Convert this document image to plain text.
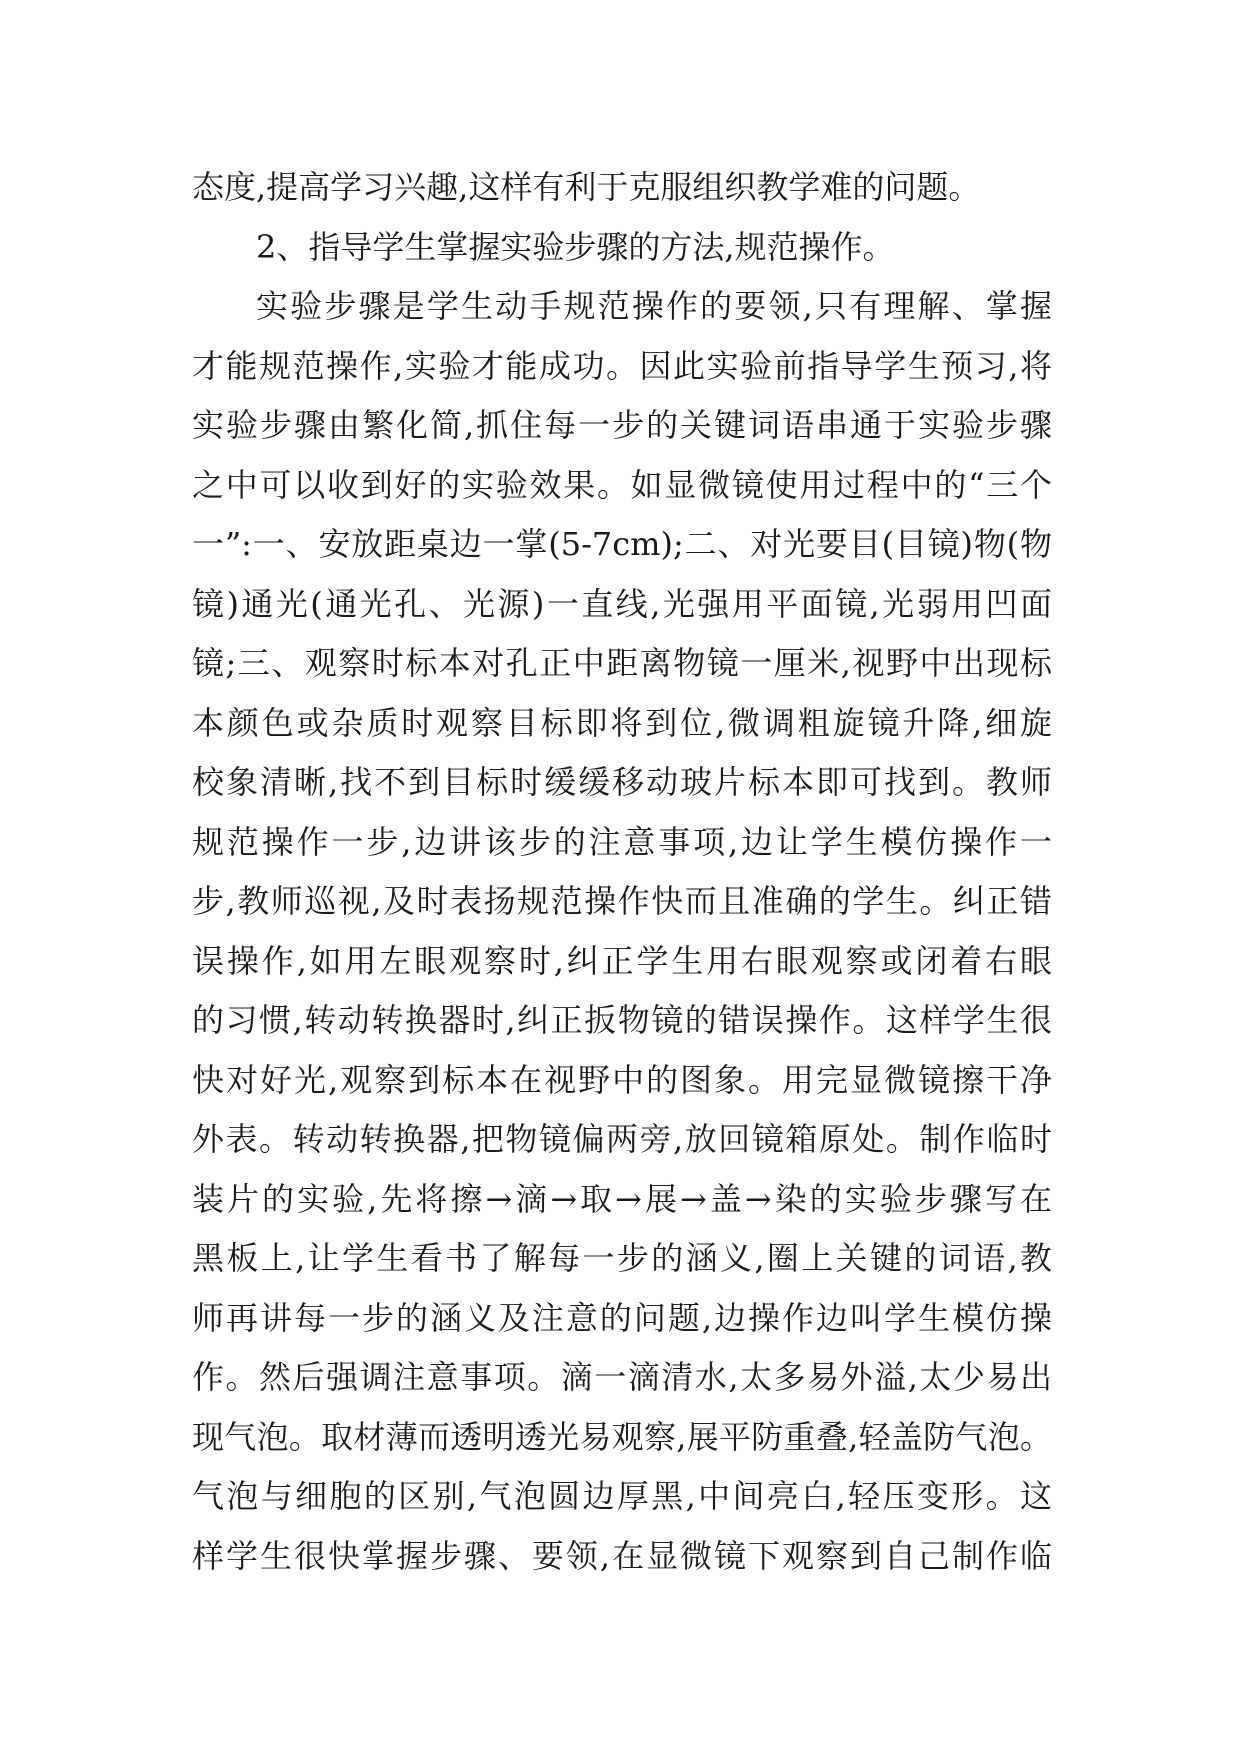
态度,提高学习兴趣,这样有利于克服组织教学难的问题。
2、指导学生掌握实验步骤的方法,规范操作。
实验步骤是学生动手规范操作的要领,只有理解、掌握
才能规范操作,实验才能成功。因此实验前指导学生预习,将
实验步骤由繁化简,抓住每一步的关键词语串通于实验步骤
之中可以收到好的实验效果。如显微镜使用过程中的“三个
一”:一、安放距桌边一掌(5-7cm);二、对光要目(目镜)物(物
镜)通光(通光孔、光源)一直线,光强用平面镜,光弱用凹面
镜;三、观察时标本对孔正中距离物镜一厘米,视野中出现标
本颜色或杂质时观察目标即将到位,微调粗旋镜升降,细旋
校象清晰,找不到目标时缓缓移动玻片标本即可找到。教师
规范操作一步,边讲该步的注意事项,边让学生模仿操作一
步,教师巡视,及时表扬规范操作快而且准确的学生。纠正错
误操作,如用左眼观察时,纠正学生用右眼观察或闭着右眼
的习惯,转动转换器时,纠正扳物镜的错误操作。这样学生很
快对好光,观察到标本在视野中的图象。用完显微镜擦干净
外表。转动转换器,把物镜偏两旁,放回镜箱原处。制作临时
装片的实验,先将擦→滴→取→展→盖→染的实验步骤写在
黑板上,让学生看书了解每一步的涵义,圈上关键的词语,教
师再讲每一步的涵义及注意的问题,边操作边叫学生模仿操
作。然后强调注意事项。滴一滴清水,太多易外溢,太少易出
现气泡。取材薄而透明透光易观察,展平防重叠,轻盖防气泡。
气泡与细胞的区别,气泡圆边厚黑,中间亮白,轻压变形。这
样学生很快掌握步骤、要领,在显微镜下观察到自己制作临
